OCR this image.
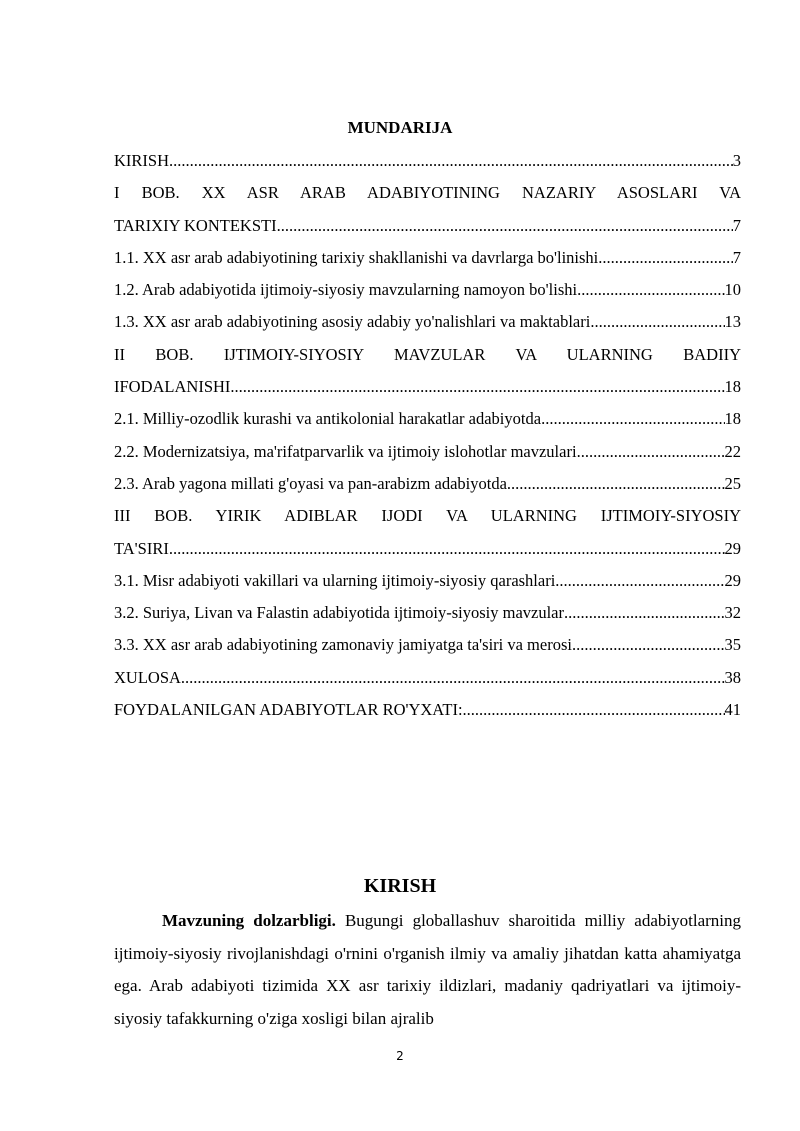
MUNDARIJA
KIRISH .....	3
I BOB. XX ASR ARAB ADABIYOTINING NAZARIY ASOSLARI VA
TARIXIY KONTEKSTI .....	7
1.1. XX asr arab adabiyotining tarixiy shakllanishi va davrlarga bo'linishi .....	7
1.2. Arab adabiyotida ijtimoiy-siyosiy mavzularning namoyon bo'lishi .....	10
1.3. XX asr arab adabiyotining asosiy adabiy yo'nalishlari va maktablari .....	13
II BOB. IJTIMOIY-SIYOSIY MAVZULAR VA ULARNING BADIIY
IFODALANISHI .....	18
2.1. Milliy-ozodlik kurashi va antikolonial harakatlar adabiyotda .....	18
2.2. Modernizatsiya, ma'rifatparvarlik va ijtimoiy islohotlar mavzulari .....	22
2.3. Arab yagona millati g'oyasi va pan-arabizm adabiyotda .....	25
III BOB. YIRIK ADIBLAR IJODI VA ULARNING IJTIMOIY-SIYOSIY
TA'SIRI .....	29
3.1. Misr adabiyoti vakillari va ularning ijtimoiy-siyosiy qarashlari .....	29
3.2. Suriya, Livan va Falastin adabiyotida ijtimoiy-siyosiy mavzular .....	32
3.3. XX asr arab adabiyotining zamonaviy jamiyatga ta'siri va merosi .....	35
XULOSA .....	38
FOYDALANILGAN ADABIYOTLAR RO'YXATI: .....	41
KIRISH

Mavzuning dolzarbligi. Bugungi globallashuv sharoitida milliy adabiyotlarning ijtimoiy-siyosiy rivojlanishdagi o'rnini o'rganish ilmiy va amaliy jihatdan katta ahamiyatga ega. Arab adabiyoti tizimida XX asr tarixiy ildizlari, madaniy qadriyatlari va ijtimoiy-siyosiy tafakkurning o'ziga xosligi bilan ajralib

2
